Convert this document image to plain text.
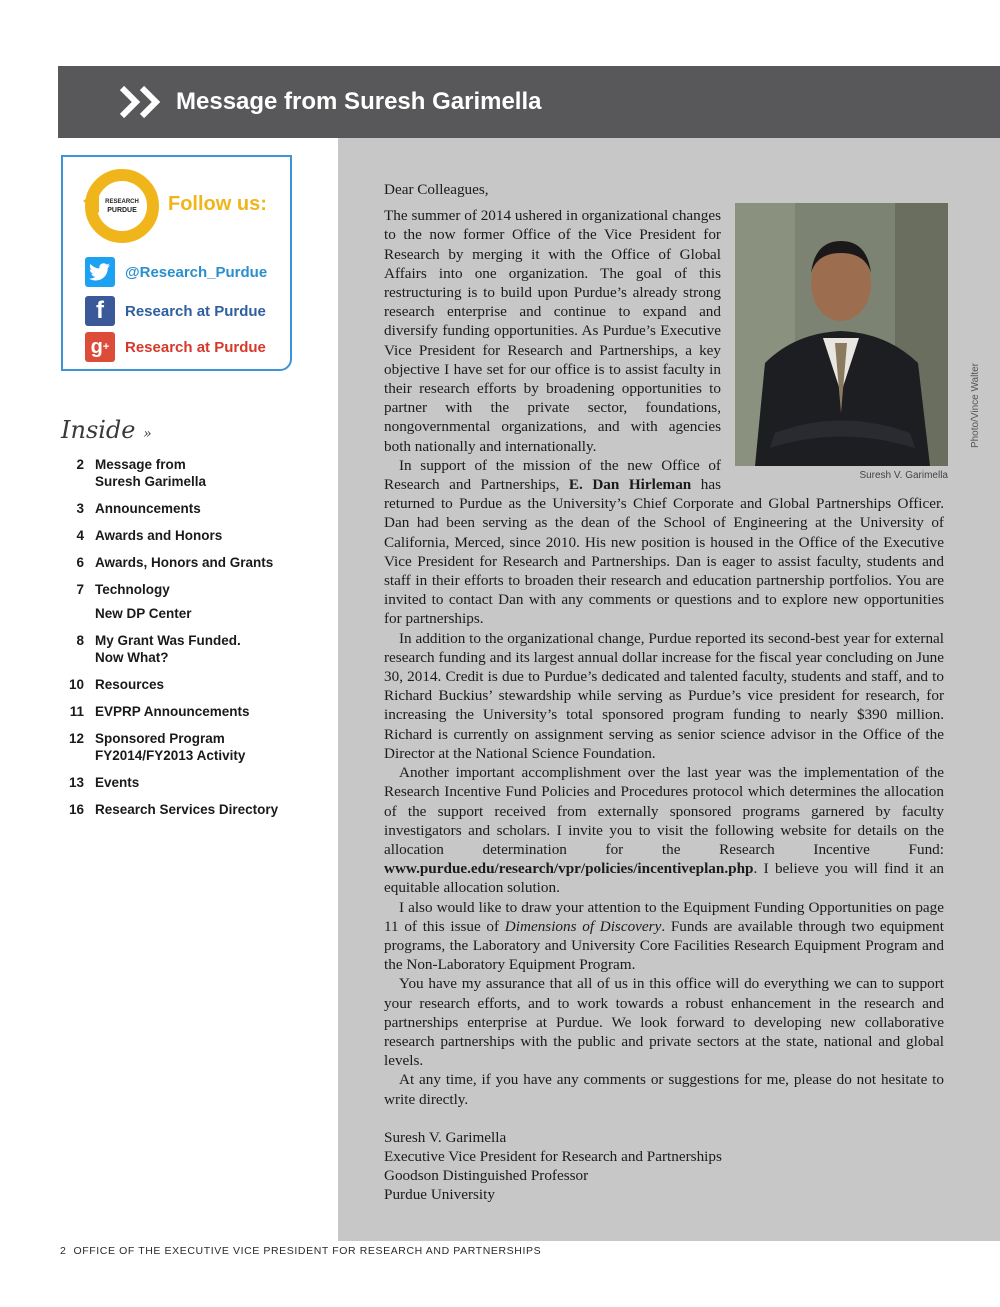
Message from Suresh Garimella
RESEARCH
PURDUE Follow us:
@Research_Purdue
f	Research at Purdue
g + Research at Purdue
Inside »
2 Message from
Suresh Garimella
3 Announcements
4 Awards and Honors
6 Awards, Honors and Grants
7 Technology
New DP Center
8 My Grant Was Funded.
Now What?
10 Resources
11 EVPRP Announcements
12 Sponsored Program
FY2014/FY2013 Activity
13 Events
16 Research Services Directory

Dear Colleagues,

Suresh V. Garimella
Photo/Vince Walter

The summer of 2014 ushered in organizational changes to the now former Office of the Vice President for Research by merging it with the Office of Global Affairs into one organization. The goal of this restructuring is to build upon Purdue’s already strong research enterprise and continue to expand and diversify funding opportunities. As Purdue’s Executive Vice President for Research and Partnerships, a key objective I have set for our office is to assist faculty in their research efforts by broadening opportunities to partner with the private sector, foundations, nongovernmental organizations, and with agencies both nationally and internationally.

In support of the mission of the new Office of Research and Partnerships, E. Dan Hirleman has returned to Purdue as the University’s Chief Corporate and Global Partnerships Officer. Dan had been serving as the dean of the School of Engineering at the University of California, Merced, since 2010. His new position is housed in the Office of the Executive Vice President for Research and Partnerships. Dan is eager to assist faculty, students and staff in their efforts to broaden their research and education partnership portfolios. You are invited to contact Dan with any comments or questions and to explore new opportunities for partnerships.

In addition to the organizational change, Purdue reported its second-best year for external research funding and its largest annual dollar increase for the fiscal year concluding on June 30, 2014. Credit is due to Purdue’s dedicated and talented faculty, students and staff, and to Richard Buckius’ stewardship while serving as Purdue’s vice president for research, for increasing the University’s total sponsored program funding to nearly $390 million. Richard is currently on assignment serving as senior science advisor in the Office of the Director at the National Science Foundation.

Another important accomplishment over the last year was the implementation of the Research Incentive Fund Policies and Procedures protocol which determines the allocation of the support received from externally sponsored programs garnered by faculty investigators and scholars. I invite you to visit the following website for details on the allocation determination for the Research Incentive Fund: www.purdue.edu/research/vpr/policies/incentiveplan.php. I believe you will find it an equitable allocation solution.

I also would like to draw your attention to the Equipment Funding Opportunities on page 11 of this issue of Dimensions of Discovery. Funds are available through two equipment programs, the Laboratory and University Core Facilities Research Equipment Program and the Non-Laboratory Equipment Program.

You have my assurance that all of us in this office will do everything we can to support your research efforts, and to work towards a robust enhancement in the research and partnerships enterprise at Purdue. We look forward to developing new collaborative research partnerships with the public and private sectors at the state, national and global levels.

At any time, if you have any comments or suggestions for me, please do not hesitate to write directly.

Suresh V. Garimella
Executive Vice President for Research and Partnerships
Goodson Distinguished Professor
Purdue University
2 OFFICE OF THE EXECUTIVE VICE PRESIDENT FOR RESEARCH AND PARTNERSHIPS
